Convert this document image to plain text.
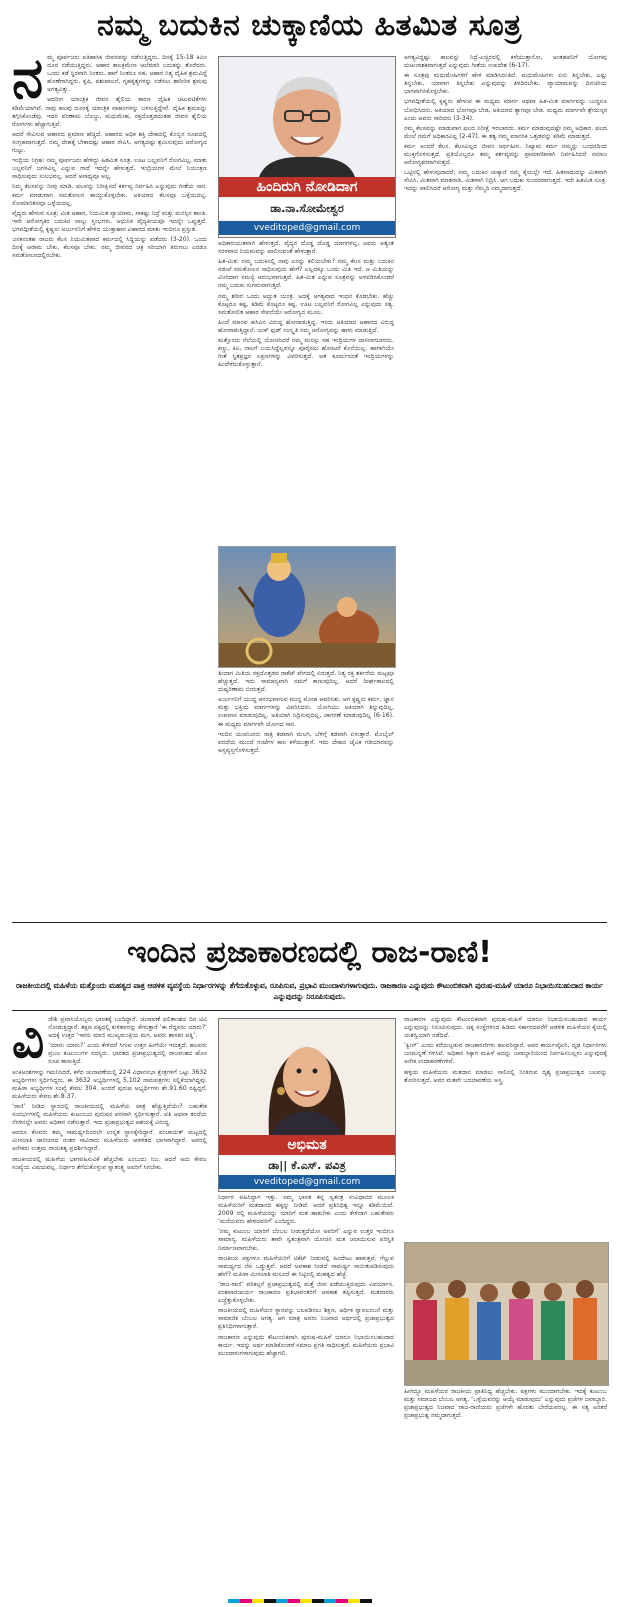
ನಮ್ಮ ಬದುಕಿನ ಚುಕ್ಕಾಣಿಯ ಹಿತಮಿತ ಸೂತ್ರ
ನ ಮ್ಮ ಪೂರ್ವಜರು ಐತಿಹಾಸಿಕ ಜೀವನವನ್ನು ನಡೆಸುತ್ತಿದ್ದರು. ದಿನಕ್ಕೆ 15-18 ಕಿಮೀ ದೂರ ನಡೆಯುತ್ತಿದ್ದರು. ಆಹಾರ ಕಾಲಕ್ರಮೇಣ ಆಲೆಮಾರಿ ಬದುಕನ್ನು ತೊರೆದರು. ಒಂದು ಕಡೆ ಸ್ಥಿರವಾಗಿ ನಿಂತರು. ಹಾಗೆ ನಿಂತರೂ ಸಹ, ಆಹಾರ ನಿತ್ಯ ದೈಹಿಕ ಶ್ರಮವಿದ್ದೆ ಹೊಣೆಗಾಗಿದ್ದರು. ಕೃಷಿ, ಪಶುಪಾಲನೆ, ಗೃಹಕೃತ್ಯಗಳನ್ನು ನಡೆಸಲು ಶಾರೀರಿಕ ಶ್ರಮವು ಅಗತ್ಯವಿತ್ತು.

ಆದರೀಗ ಯಾಂತ್ರಿಕ ಜೀವನ ಶೈಲಿಯ ಕಾರಣ ದೈಹಿಕ ಚಟುವಟಿಕೆಗಳು ಕಡಿಮೆಯಾಗಿವೆ. ನಾವು ಹಲವು ದೂರಕ್ಕೆ ಯಾಂತ್ರಿಕ ವಾಹನಗಳನ್ನು ಬಳಸುತ್ತಿದ್ದೇವೆ. ದೈಹಿಕ ಶ್ರಮವನ್ನು ತಗ್ಗಿಸಿಕೊಂಡೆವು. ಇದರ ಪರಿಣಾಮ ಬೊಜ್ಜು, ಮಧುಮೇಹ, ರಕ್ತದೊತ್ತಡದಂತಹ ಜೀವನ ಶೈಲಿಯ ರೋಗಗಳು ಹೆಚ್ಚಾಗುತ್ತಿವೆ.

ಆದರೆ ಸೇವಿಸುವ ಆಹಾರದ ಪ್ರಮಾಣ ಹೆಚ್ಚಿದೆ. ಆಹಾರದ ಅಧಿಕ ಶಕ್ತಿ ದೇಹದಲ್ಲಿ ಕೊಬ್ಬಿನ ರೂಪದಲ್ಲಿ ಸಂಗ್ರಹವಾಗುತ್ತದೆ. ನಮ್ಮ ದೇಹಕ್ಕೆ ಬೇಕಾದಷ್ಟು ಆಹಾರ ಸೇವಿಸಿ, ಅಗತ್ಯದಷ್ಟು ಶ್ರಮಿಸುವುದು ಆರೋಗ್ಯದ ಗುಟ್ಟು.

ಇಂದ್ರಿಯ ನಿಗ್ರಹ: ನಮ್ಮ ಪೂರ್ವಜರು ಹೇಳಿದ್ದು ಹಿತಮಿತ ಸೂತ್ರ. ಊಟ ಬಲ್ಲವನಿಗೆ ರೋಗವಿಲ್ಲ, ಮಾತು ಬಲ್ಲವನಿಗೆ ಜಗಳವಿಲ್ಲ ಎನ್ನುವ ಗಾದೆ ಇದನ್ನೇ ಹೇಳುತ್ತದೆ. ಇಂದ್ರಿಯಗಳ ಮೇಲೆ ನಿಯಂತ್ರಣ ಸಾಧಿಸುವುದು ಸುಲಭವಲ್ಲ. ಆದರೆ ಅಸಾಧ್ಯವೂ ಅಲ್ಲ.

ನಿಮ್ಮ ಕೆಲಸವನ್ನು ನೀವು ಮಾಡಿ. ಫಲವನ್ನು ನಿರೀಕ್ಷಿಸದೆ ಕರ್ತವ್ಯ ನಿರ್ವಹಿಸಿ ಎನ್ನುವುದು ಗೀತೆಯ ಸಾರ. ಕರ್ಮ ಮಾಡುವಾಗ ಸಮತೋಲನ ಕಾಯ್ದುಕೊಳ್ಳಬೇಕು. ಅತಿಯಾದ ಕೆಲಸವೂ ಒಳ್ಳೆಯದಲ್ಲ, ಸೋಮಾರಿತನವೂ ಒಳ್ಳೆಯದಲ್ಲ.

ವೈದ್ಯರು ಹೇಳುವ ಸೂತ್ರ: ಮಿತ ಆಹಾರ, ನಿಯಮಿತ ವ್ಯಾಯಾಮ, ಸಾಕಷ್ಟು ನಿದ್ರೆ ಮತ್ತು ಮನಸ್ಸಿನ ಶಾಂತಿ. ಇವೇ ಆರೋಗ್ಯಕರ ಬದುಕಿನ ನಾಲ್ಕು ಸ್ತಂಭಗಳು. ಆಧುನಿಕ ವೈದ್ಯಕೀಯವೂ ಇದನ್ನೇ ಒಪ್ಪುತ್ತದೆ. ಭಗವದ್ಗೀತೆಯಲ್ಲಿ ಕೃಷ್ಣನು ಅರ್ಜುನನಿಗೆ ಹೇಳಿದ ಯುಕ್ತಾಹಾರ ವಿಹಾರದ ಮಾತು ಇಂದಿಗೂ ಪ್ರಸ್ತುತ.

ಜನಕನಂತಹ ರಾಜರು ಕೆಲಸ ನಿಯಮಿತವಾದ ಕರ್ಮದಲ್ಲಿ ಸಿದ್ಧಿಯನ್ನು ಪಡೆದರು (3-20). ಒಂದು ದಿನಕ್ಕೆ ಆರಾಮ ಬೇಕು, ಕೆಲಸವೂ ಬೇಕು. ನಮ್ಮ ಜೀವನದ ಚಕ್ರ ಸರಿಯಾಗಿ ತಿರುಗಲು ಎರಡೂ ಸಮತೋಲನದಲ್ಲಿರಬೇಕು.

ಹಿಂದಿರುಗಿ ನೋಡಿದಾಗ
ಡಾ.ನಾ.ಸೋಮೇಶ್ವರ
vveditoped@gmail.com

ಅಧಿಕಾರಯುತವಾಗಿ ಹೇಳುತ್ತದೆ. ವೈದ್ಯರ ದೊಡ್ಡ ದೊಡ್ಡ ಯಾಗಗಳಲ್ಲ, ಅವರು ಅತ್ಯಂತ ಸರಳವಾದ ನಿಯಮವನ್ನು ಪಾಲಿಸುವಂತೆ ಹೇಳುತ್ತಾರೆ.

ಹಿತ-ಮಿತ: ನಮ್ಮ ಬದುಕಿನಲ್ಲಿ ನಾವು ಎನನ್ನು ಕಲಿಯಬೇಕು? ನಮ್ಮ ಕೆಲಸ ಮತ್ತು ಬದುಕಿನ ನಡುವೆ ಸಮತೋಲನ ಸಾಧಿಸುವುದು ಹೇಗೆ? ಎಲ್ಲದಕ್ಕೂ ಒಂದು ಮಿತಿ ಇದೆ. ಆ ಮಿತಿಯನ್ನು ಮೀರಿದಾಗ ಸಮಸ್ಯೆ ಆರಂಭವಾಗುತ್ತದೆ. ಹಿತ-ಮಿತ ಎನ್ನುವ ಸೂತ್ರವನ್ನು ಅಳವಡಿಸಿಕೊಂಡರೆ ನಮ್ಮ ಬದುಕು ಸುಗಮವಾಗುತ್ತದೆ.

ನಮ್ಮ ಶರೀರ ಒಂದು ಅದ್ಭುತ ಯಂತ್ರ. ಅದಕ್ಕೆ ಅಗತ್ಯವಾದ ಇಂಧನ ಕೊಡಬೇಕು. ಹೆಚ್ಚು ಕೊಟ್ಟರೂ ಕಷ್ಟ, ಕಡಿಮೆ ಕೊಟ್ಟರೂ ಕಷ್ಟ. ಊಟ ಬಲ್ಲವನಿಗೆ ರೋಗವಿಲ್ಲ ಎನ್ನುವುದು ಸತ್ಯ. ಸಮತೋಲಿತ ಆಹಾರ ಸೇವನೆಯೇ ಆರೋಗ್ಯದ ಮೂಲ.

ಹಿಂದೆ ಮಾನವ ಹಸಿವಿನ ವಿರುದ್ಧ ಹೋರಾಡುತ್ತಿದ್ದ. ಇಂದು ಅತಿಯಾದ ಆಹಾರದ ವಿರುದ್ಧ ಹೋರಾಡುತ್ತಿದ್ದಾನೆ. ಜಂಕ್ ಫುಡ್ ಸಂಸ್ಕೃತಿ ನಮ್ಮ ಆರೋಗ್ಯವನ್ನು ಹಾಳು ಮಾಡುತ್ತಿದೆ.

ಮತ್ತೊಂದು ನೆಲೆಯಲ್ಲಿ ಯೋಚಿಸಿದರೆ ನಮ್ಮ ಮನಸ್ಸು ಸಹ ಇಂದ್ರಿಯಗಳ ದಾಸನಾಗಬಾರದು. ಕಣ್ಣು, ಕಿವಿ, ನಾಲಗೆ ಬಯಸಿದ್ದೆಲ್ಲವನ್ನೂ ಪೂರೈಸಲು ಹೊರಟರೆ ಕೊನೆಯಿಲ್ಲ. ಹಾಗಾಗಿಯೇ ಗೀತೆ ಸ್ಥಿತಪ್ರಜ್ಞನ ಲಕ್ಷಣಗಳನ್ನು ವಿವರಿಸುತ್ತದೆ. ಆತ ಕೂರ್ಮದಂತೆ ಇಂದ್ರಿಯಗಳನ್ನು ಹಿಂದೆಳೆದುಕೊಳ್ಳುತ್ತಾನೆ.

ತಿಂದಾಗ ಮಿತಿಯ ರಕ್ತದೊತ್ತಡವ ರಾಕೆಟ್ ವೇಗದಲ್ಲಿ ಏರುತ್ತದೆ. ನಿತ್ಯ ರಕ್ತ ಶರ್ಕರೆಯ ಮಟ್ಟವೂ ಹೆಚ್ಚುತ್ತದೆ. ಇದು ಸಾಮಾನ್ಯವಾಗಿ ನಮಗೆ ಕಾಣುವುದಿಲ್ಲ. ಆದರೆ ದೀರ್ಘಕಾಲದಲ್ಲಿ ದುಷ್ಪರಿಣಾಮ ಬೀರುತ್ತದೆ.

ಅರ್ಜುನನಿಗೆ ಯುದ್ಧ ಆರಂಭವಾಗುವ ಮುನ್ನ ಮೋಹ ಆವರಿಸಿತು. ಆಗ ಕೃಷ್ಣನು ಕರ್ಮ, ಜ್ಞಾನ ಮತ್ತು ಭಕ್ತಿಯ ಮಾರ್ಗಗಳನ್ನು ವಿವರಿಸಿದನು. ಯೋಗಿಯು ಅತಿಯಾಗಿ ತಿನ್ನುವುದಿಲ್ಲ, ಉಪವಾಸ ಮಾಡುವುದಿಲ್ಲ. ಅತಿಯಾಗಿ ನಿದ್ರಿಸುವುದಿಲ್ಲ, ಜಾಗರಣೆ ಮಾಡುವುದಿಲ್ಲ (6-16). ಈ ಮಧ್ಯಮ ಮಾರ್ಗವೇ ಯೋಗದ ಸಾರ.

ಇಂದಿನ ಯುವಜನರು ರಾತ್ರಿ ತಡವಾಗಿ ಮಲಗಿ, ಬೆಳಿಗ್ಗೆ ತಡವಾಗಿ ಏಳುತ್ತಾರೆ. ಮೊಬೈಲ್ ಪರದೆಯ ಮುಂದೆ ಗಂಟೆಗಳ ಕಾಲ ಕಳೆಯುತ್ತಾರೆ. ಇದು ದೇಹದ ಜೈವಿಕ ಗಡಿಯಾರವನ್ನು ಅಸ್ತವ್ಯಸ್ತಗೊಳಿಸುತ್ತದೆ.

ಅಗತ್ಯವಿದ್ದಷ್ಟು ಕಾಲವನ್ನು ನಿದ್ರೆ-ಎಚ್ಚರದಲ್ಲಿ ಕಳೆಯುತ್ತಾನೋ, ಅಂತಹವನಿಗೆ ಯೋಗವು ದುಃಖನಾಶಕವಾಗುತ್ತದೆ ಎನ್ನುವುದು ಗೀತೆಯ ಉಪದೇಶ (6-17).

ಈ ಸೂತ್ರವು ಮಧುಮೇಹಿಗಳಿಗೆ ಹೇಳಿ ಮಾಡಿಸಿದಂತಿದೆ. ಮಧುಮೇಹಿಗಳು ಏನು ತಿನ್ನಬೇಕು, ಎಷ್ಟು ತಿನ್ನಬೇಕು, ಯಾವಾಗ ತಿನ್ನಬೇಕು ಎನ್ನುವುದನ್ನು ತಿಳಿದಿರಬೇಕು. ವ್ಯಾಯಾಮವನ್ನು ದಿನಚರಿಯ ಭಾಗವಾಗಿಸಿಕೊಳ್ಳಬೇಕು.

ಭಗವದ್ಗೀತೆಯಲ್ಲಿ ಕೃಷ್ಣನು ಹೇಳುವ ಈ ಮಧ್ಯಮ ಮಾರ್ಗ ಅಥವಾ ಹಿತ-ಮಿತ ಮಾರ್ಗವನ್ನು ಬುದ್ಧನೂ ಬೋಧಿಸಿದನು. ಅತಿಯಾದ ಭೋಗವೂ ಬೇಡ, ಅತಿಯಾದ ತ್ಯಾಗವೂ ಬೇಡ. ಮಧ್ಯಮ ಮಾರ್ಗವೇ ಶ್ರೇಯಸ್ಕರ ಎಂದು ಅವನು ಸಾರಿದನು (3-34).

ನಮ್ಮ ಕೆಲಸವನ್ನು ಮಾಡುವಾಗ ಫಲದ ನಿರೀಕ್ಷೆ ಇರಬಾರದು. ಕರ್ಮ ಮಾಡುವುದಷ್ಟೇ ನಮ್ಮ ಅಧಿಕಾರ. ಫಲದ ಮೇಲೆ ನಮಗೆ ಅಧಿಕಾರವಿಲ್ಲ (2-47). ಈ ತತ್ವ ನಮ್ಮ ಮಾನಸಿಕ ಒತ್ತಡವನ್ನು ಕಡಿಮೆ ಮಾಡುತ್ತದೆ.

ಕರ್ಮ ಅಂದರೆ ಕೆಲಸ. ಕೆಲಸವಿಲ್ಲದ ಜೀವನ ಅರ್ಥಹೀನ. ನಿಷ್ಕಾಮ ಕರ್ಮ ನಮ್ಮನ್ನು ಬಂಧನದಿಂದ ಮುಕ್ತಗೊಳಿಸುತ್ತದೆ. ಪ್ರತಿಯೊಬ್ಬರೂ ತಮ್ಮ ಕರ್ತವ್ಯವನ್ನು ಪ್ರಾಮಾಣಿಕವಾಗಿ ನಿರ್ವಹಿಸಿದರೆ ಸಮಾಜ ಆರೋಗ್ಯಕರವಾಗಿರುತ್ತದೆ.

ಒಟ್ಟಿನಲ್ಲಿ ಹೇಳುವುದಾದರೆ, ನಮ್ಮ ಬದುಕಿನ ಚುಕ್ಕಾಣಿ ನಮ್ಮ ಕೈಯಲ್ಲೇ ಇದೆ. ಹಿತವಾದುದನ್ನು ಮಿತವಾಗಿ ಸೇವಿಸಿ, ಮಿತವಾಗಿ ಮಾತನಾಡಿ, ಮಿತವಾಗಿ ನಿದ್ರಿಸಿ. ಆಗ ಬದುಕು ಸುಂದರವಾಗುತ್ತದೆ. ಇದೇ ಹಿತಮಿತ ಸೂತ್ರ. ಇದನ್ನು ಪಾಲಿಸಿದರೆ ಆರೋಗ್ಯ ಮತ್ತು ನೆಮ್ಮದಿ ನಮ್ಮದಾಗುತ್ತದೆ.

ಇಂದಿನ ಪ್ರಜಾಕಾರಣದಲ್ಲಿ ರಾಜ-ರಾಣಿ!
ರಾಜಕೀಯದಲ್ಲಿ ಮಹಿಳೆಯ ಮತ್ತೊಂದು ಮಹತ್ವದ ಪಾತ್ರ ಆಡಳಿತ ವ್ಯವಸ್ಥೆಯ ನಿರ್ಧಾರಗಳನ್ನು ತೆಗೆದುಕೊಳ್ಳುವ, ರೂಪಿಸುವ, ಪ್ರಭಾವಿ ಮುಂದಾಳುಗಳಾಗುವುದು. ರಾಜಕಾರಣ ಎನ್ನುವುದು ಕೌಟುಂಬಿಕವಾಗಿ ಪುರುಷ-ಮಹಿಳೆ ಯಾರೂ ನಿಭಾಯಿಸಬಹುದಾದ ಕಾರ್ಯ ಎನ್ನುವುದನ್ನು ನಿರೂಪಿಸುವುದು.
ವಿ ದೇಶಿ ಪ್ರವಾಸಿಯೊಬ್ಬರು ಭಾರತಕ್ಕೆ ಬಂದಿದ್ದಾರೆ. ಚುನಾವಣೆ ಫಲಿತಾಂಶದ ದಿನ ಟಿವಿ ನೋಡುತ್ತಿದ್ದಾರೆ. ತಕ್ಷಣ ಪಕ್ಕದಲ್ಲಿ ಕುಳಿತವರನ್ನು ಕೇಳುತ್ತಾರೆ ‘ಈ ಗೆದ್ದವರು ಯಾರು?’ ಅದಕ್ಕೆ ಉತ್ತರ ‘ಇವರು ಮಾಜಿ ಮುಖ್ಯಮಂತ್ರಿಯ ಮಗ, ಅವರು ಶಾಸಕನ ಪತ್ನಿ’.

‘ಯಾರು ಯಾರು?’ ಎಂದು ಕೇಳಿದರೆ ಸಿಗುವ ಉತ್ತರ ಹೀಗೆಯೇ ಇರುತ್ತದೆ. ಹಲವರು ಪ್ರಬಲ ಕುಟುಂಬಗಳ ಸದಸ್ಯರು. ಭಾರತದ ಪ್ರಜಾಪ್ರಭುತ್ವದಲ್ಲಿ ರಾಜವಂಶದ ಹೊಸ ರೂಪ ಕಾಣುತ್ತಿದೆ.

ಅಂಕಿಅಂಶಗಳನ್ನು ಗಮನಿಸಿದರೆ, ಕಳೆದ ಚುನಾವಣೆಯಲ್ಲಿ 224 ವಿಧಾನಸಭಾ ಕ್ಷೇತ್ರಗಳಿಗೆ ಒಟ್ಟು 3632 ಅಭ್ಯರ್ಥಿಗಳು ಸ್ಪರ್ಧಿಸಿದ್ದರು. ಈ 3632 ಅಭ್ಯರ್ಥಿಗಳಲ್ಲಿ 5,102 ನಾಮಪತ್ರಗಳು ಸಲ್ಲಿಕೆಯಾಗಿದ್ದವು. ಮಹಿಳಾ ಅಭ್ಯರ್ಥಿಗಳ ಸಂಖ್ಯೆ ಕೇವಲ 304. ಅಂದರೆ ಪುರುಷ ಅಭ್ಯರ್ಥಿಗಳು ಶೇ.91.60 ರಷ್ಟಿದ್ದರೆ, ಮಹಿಳೆಯರು ಕೇವಲ ಶೇ.8.37.

‘ರಾಣಿ’ ನೀಡಿದ ಸ್ಥಾನದಲ್ಲಿ ರಾಜಕೀಯದಲ್ಲಿ ಮಹಿಳೆಯ ಪಾತ್ರ ಹೆಚ್ಚುತ್ತಿದೆಯೇ? ಬಹುತೇಕ ಸಂದರ್ಭಗಳಲ್ಲಿ ಮಹಿಳೆಯರು ಕುಟುಂಬದ ಪುರುಷರ ಪರವಾಗಿ ಸ್ಪರ್ಧಿಸುತ್ತಾರೆ. ಪತಿ ಅಥವಾ ತಂದೆಯ ನೆರಳಿನಲ್ಲೇ ಅವರು ಅಧಿಕಾರ ನಡೆಸುತ್ತಾರೆ. ಇದು ಪ್ರಜಾಪ್ರಭುತ್ವದ ಆಶಯಕ್ಕೆ ವಿರುದ್ಧ.

ಆದರೂ ಕೆಲವರು ತಮ್ಮ ಸಾಮರ್ಥ್ಯದಿಂದಲೇ ಉನ್ನತ ಸ್ಥಾನಕ್ಕೇರಿದ್ದಾರೆ. ಪಂಚಾಯತ್ ಮಟ್ಟದಲ್ಲಿ ಮೀಸಲಾತಿ ಜಾರಿಯಾದ ನಂತರ ಸಾವಿರಾರು ಮಹಿಳೆಯರು ಆಡಳಿತದ ಭಾಗವಾಗಿದ್ದಾರೆ. ಅವರಲ್ಲಿ ಅನೇಕರು ಉತ್ತಮ ನಾಯಕತ್ವ ಪ್ರದರ್ಶಿಸಿದ್ದಾರೆ.

ರಾಜಕೀಯದಲ್ಲಿ ಮಹಿಳೆಯ ಭಾಗವಹಿಸುವಿಕೆ ಹೆಚ್ಚಬೇಕು ಎಂಬುದು ನಿಜ. ಆದರೆ ಅದು ಕೇವಲ ಸಂಖ್ಯೆಯ ವಿಷಯವಲ್ಲ. ನಿರ್ಧಾರ ತೆಗೆದುಕೊಳ್ಳುವ ಸ್ವಾತಂತ್ರ್ಯ ಅವರಿಗೆ ಸಿಗಬೇಕು.

ಅಭಿಮತ
ಡಾ|| ಕೆ.ಎಸ್. ಪವಿತ್ರ
vveditoped@gmail.com

ನಿರ್ಧಾರ ವಹಿಸಿದ್ದಾಗ ಇತ್ತು. ನಮ್ಮ ಭಾರತ ತನ್ನ ಸ್ವತಂತ್ರ ಸಂವಿಧಾನದ ಮೂಲಕ ಮಹಿಳೆಯರಿಗೆ ಮತದಾನದ ಹಕ್ಕನ್ನು ನೀಡಿದೆ. ಆದರೆ ಪ್ರತಿನಿಧಿತ್ವ ಇನ್ನೂ ಕಡಿಮೆಯಿದೆ. 2009 ರಲ್ಲಿ ಮಹಿಳೆಯರನ್ನು ಯಾರಿಗೆ ಮತ ಹಾಕಬೇಕು ಎಂದು ಕೇಳಿದಾಗ ಬಹುತೇಕರು ‘ಮನೆಯವರು ಹೇಳಿದವರಿಗೆ’ ಎಂದಿದ್ದರು.

‘ನಮ್ಮ ಕುಟುಂಬ ಯಾರಿಗೆ ಬೆಂಬಲ ನೀಡುತ್ತದೆಯೋ ಅವರಿಗೆ’ ಎನ್ನುವ ಉತ್ತರ ಇಂದಿಗೂ ಸಾಮಾನ್ಯ. ಮಹಿಳೆಯರು ತಾವೇ ಸ್ವತಂತ್ರವಾಗಿ ಯೋಚಿಸಿ ಮತ ಚಲಾಯಿಸುವ ಪರಿಸ್ಥಿತಿ ನಿರ್ಮಾಣವಾಗಬೇಕು.

ರಾಜಕೀಯ ಪಕ್ಷಗಳೂ ಮಹಿಳೆಯರಿಗೆ ಟಿಕೆಟ್ ನೀಡುವಲ್ಲಿ ಹಿಂದೇಟು ಹಾಕುತ್ತವೆ. ಗೆಲ್ಲುವ ಸಾಮರ್ಥ್ಯದ ನೆಪ ಒಡ್ಡುತ್ತವೆ. ಆದರೆ ಅವಕಾಶ ನೀಡದೆ ಸಾಮರ್ಥ್ಯ ಸಾಬೀತುಪಡಿಸುವುದು ಹೇಗೆ? ಮಹಿಳಾ ಮೀಸಲಾತಿ ಮಸೂದೆ ಈ ನಿಟ್ಟಿನಲ್ಲಿ ಮಹತ್ವದ ಹೆಜ್ಜೆ.

‘ರಾಜ-ರಾಣಿ’ ಪರಿಕಲ್ಪನೆ ಪ್ರಜಾಪ್ರಭುತ್ವದಲ್ಲಿ ಮತ್ತೆ ಜೀವ ಪಡೆಯುತ್ತಿರುವುದು ವಿಪರ್ಯಾಸ. ವಂಶಪಾರಂಪರ್ಯ ರಾಜಕಾರಣ ಪ್ರತಿಭಾವಂತರಿಗೆ ಅವಕಾಶ ತಪ್ಪಿಸುತ್ತದೆ. ಮತದಾರರು ಎಚ್ಚೆತ್ತುಕೊಳ್ಳಬೇಕು.

ರಾಜಕೀಯದಲ್ಲಿ ಮಹಿಳೆಯರ ಸ್ಥಾನವನ್ನು ಬಲಪಡಿಸಲು ಶಿಕ್ಷಣ, ಆರ್ಥಿಕ ಸ್ವಾವಲಂಬನೆ ಮತ್ತು ಸಾಮಾಜಿಕ ಬೆಂಬಲ ಅಗತ್ಯ. ಆಗ ಮಾತ್ರ ಅವರು ನಿಜವಾದ ಅರ್ಥದಲ್ಲಿ ಪ್ರಜಾಪ್ರಭುತ್ವದ ಪ್ರತಿನಿಧಿಗಳಾಗುತ್ತಾರೆ.

ರಾಜಕಾರಣ ಎನ್ನುವುದು ಕೌಟುಂಬಿಕವಾಗಿ ಪುರುಷ-ಮಹಿಳೆ ಯಾರೂ ನಿಭಾಯಿಸಬಹುದಾದ ಕಾರ್ಯ. ಇದನ್ನು ಅರ್ಥ ಮಾಡಿಕೊಂಡರೆ ಸಮಾಜ ಪ್ರಗತಿ ಸಾಧಿಸುತ್ತದೆ. ಮಹಿಳೆಯರು ಪ್ರಭಾವಿ ಮುಂದಾಳುಗಳಾಗುವುದು ಹೆಚ್ಚಾಗಲಿ.

ರಾಜಕಾರಣ ಎನ್ನುವುದು ಕೌಟುಂಬಿಕವಾಗಿ ಪುರುಷ-ಮಹಿಳೆ ಯಾರೂ ನಿಭಾಯಿಸಬಹುದಾದ ಕಾರ್ಯ ಎನ್ನುವುದನ್ನು ನಿರೂಪಿಸುವುದು. ಚಿಕ್ಕ ಸಂಸ್ಥೆಗಳಿಂದ ಹಿಡಿದು ಸರ್ಕಾರದವರೆಗೆ ಆಡಳಿತ ಮಹಿಳೆಯರ ಕೈಯಲ್ಲಿ ಯಶಸ್ವಿಯಾಗಿ ನಡೆದಿದೆ.

‘ಕ್ವೀನ್’ ಎಂದು ಕರೆಯಲ್ಪಡುವ ರಾಜಕಾರಣಿಗಳು ಹಲವರಿದ್ದಾರೆ. ಅವರ ಕಾರ್ಯವೈಖರಿ, ದೃಢ ನಿರ್ಧಾರಗಳು ಜನಮನ್ನಣೆ ಗಳಿಸಿವೆ. ಅಧಿಕಾರ ಸಿಕ್ಕಾಗ ಮಹಿಳೆ ಅದನ್ನು ಜವಾಬ್ದಾರಿಯಿಂದ ನಿರ್ವಹಿಸಬಲ್ಲಳು ಎನ್ನುವುದಕ್ಕೆ ಅನೇಕ ಉದಾಹರಣೆಗಳಿವೆ.

ಹಳ್ಳಿಯ ಮಹಿಳೆಯರು ಮತದಾನ ಮಾಡಲು ಸಾಲಿನಲ್ಲಿ ನಿಂತಿರುವ ದೃಶ್ಯ ಪ್ರಜಾಪ್ರಭುತ್ವದ ಬಲವನ್ನು ತೋರಿಸುತ್ತದೆ. ಅವರ ಮತವೇ ಬದಲಾವಣೆಯ ಅಸ್ತ್ರ.

ಹೀಗಿದ್ದೂ ಮಹಿಳೆಯರ ರಾಜಕೀಯ ಪ್ರಾತಿನಿಧ್ಯ ಹೆಚ್ಚಬೇಕು. ಪಕ್ಷಗಳು ಮುಂದಾಗಬೇಕು. ಇದಕ್ಕೆ ಕುಟುಂಬ ಮತ್ತು ಸಮಾಜದ ಬೆಂಬಲ ಅಗತ್ಯ. ‘ಒಳ್ಳೆಯವರನ್ನು ಆಯ್ಕೆ ಮಾಡುವುದು’ ಎನ್ನುವುದು ಪ್ರಜೆಗಳ ಜವಾಬ್ದಾರಿ. ಪ್ರಜಾಪ್ರಭುತ್ವದ ನಿಜವಾದ ರಾಜ-ರಾಣಿಯರು ಪ್ರಜೆಗಳೇ ಹೊರತು ಬೇರೆಯವರಲ್ಲ. ಈ ಸತ್ಯ ಅರಿತರೆ ಪ್ರಜಾಪ್ರಭುತ್ವ ನಮ್ಮದಾಗುತ್ತದೆ.
